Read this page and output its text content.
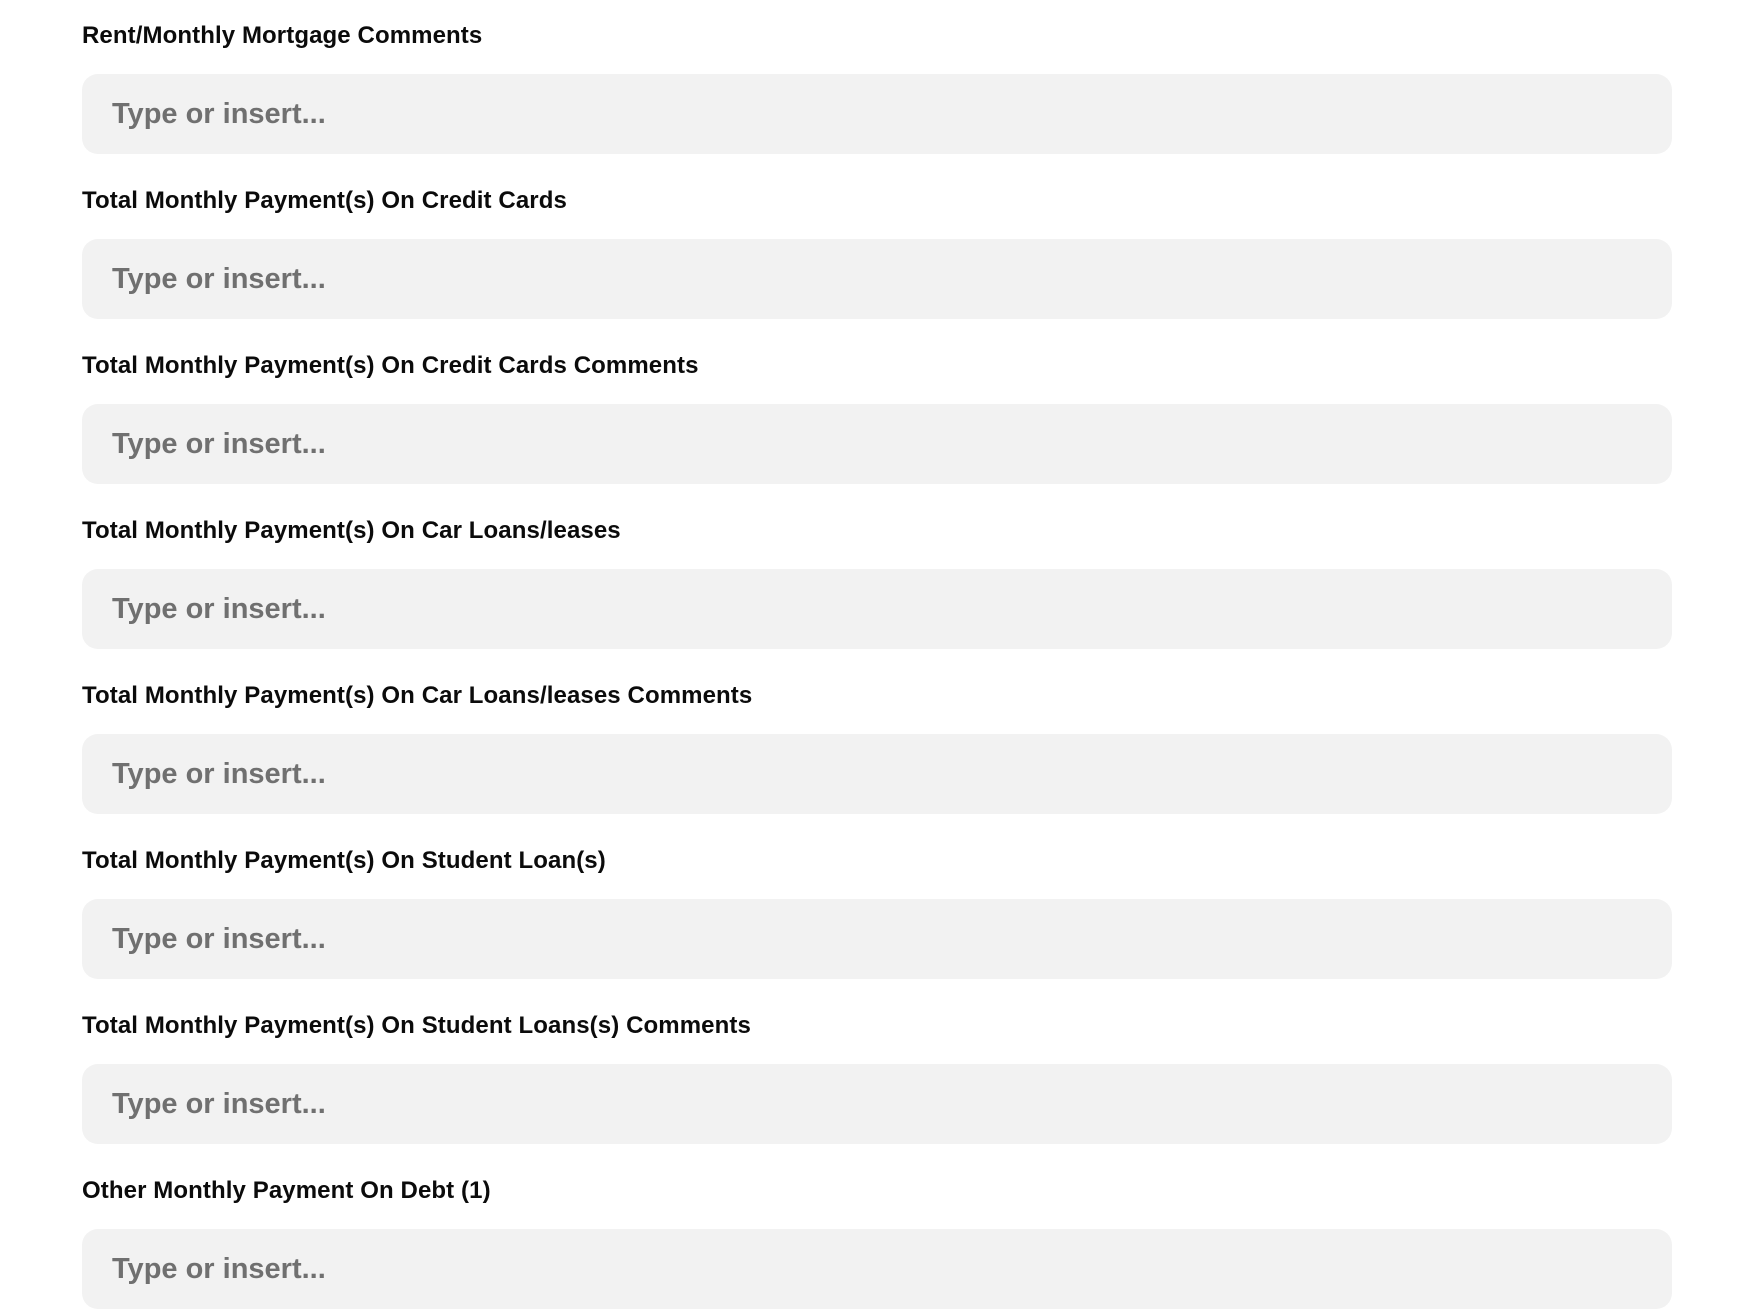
Rent/Monthly Mortgage Comments
Type or insert...
Total Monthly Payment(s) On Credit Cards
Type or insert...
Total Monthly Payment(s) On Credit Cards Comments
Type or insert...
Total Monthly Payment(s) On Car Loans/leases
Type or insert...
Total Monthly Payment(s) On Car Loans/leases Comments
Type or insert...
Total Monthly Payment(s) On Student Loan(s)
Type or insert...
Total Monthly Payment(s) On Student Loans(s) Comments
Type or insert...
Other Monthly Payment On Debt (1)
Type or insert...
